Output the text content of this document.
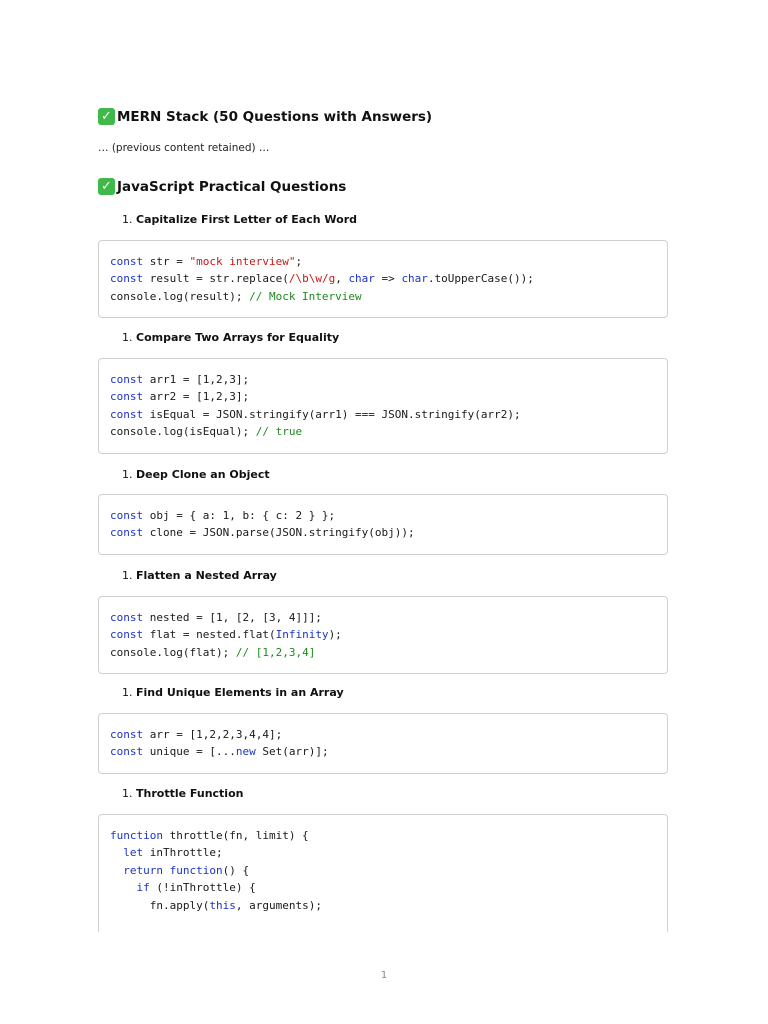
✓ MERN Stack (50 Questions with Answers)
… (previous content retained) …
✓ JavaScript Practical Questions
1. Capitalize First Letter of Each Word
const str = "mock interview";
const result = str.replace(/\b\w/g, char => char.toUpperCase());
console.log(result); // Mock Interview
1. Compare Two Arrays for Equality
const arr1 = [1,2,3];
const arr2 = [1,2,3];
const isEqual = JSON.stringify(arr1) === JSON.stringify(arr2);
console.log(isEqual); // true
1. Deep Clone an Object
const obj = { a: 1, b: { c: 2 } };
const clone = JSON.parse(JSON.stringify(obj));
1. Flatten a Nested Array
const nested = [1, [2, [3, 4]]];
const flat = nested.flat(Infinity);
console.log(flat); // [1,2,3,4]
1. Find Unique Elements in an Array
const arr = [1,2,2,3,4,4];
const unique = [...new Set(arr)];
1. Throttle Function
function throttle(fn, limit) {
let inThrottle;
return function() {
if (!inThrottle) {
fn.apply(this, arguments);
1
